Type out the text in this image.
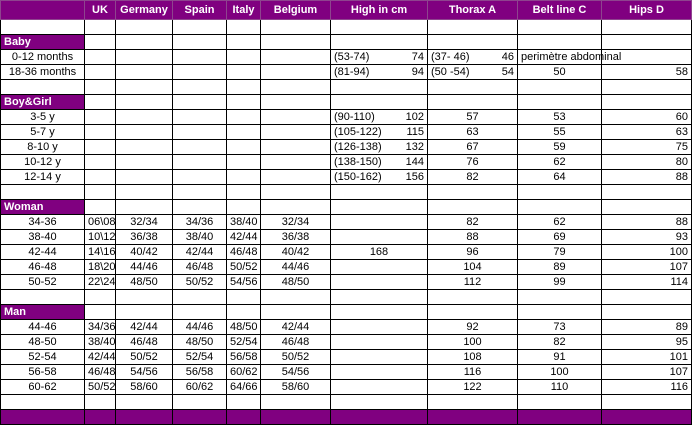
	UK	Germany	Spain	Italy	Belgium	High in cm	Thorax A	Belt line C	Hips D

Baby									
0-12 months						(53-74) 74	(37- 46) 46	perimètre abdominal	
18-36 months						(81-94) 94	(50 -54) 54	50	58

Boy&Girl									
3-5 y						(90-110) 102	57	53	60
5-7 y						(105-122) 115	63	55	63
8-10 y						(126-138) 132	67	59	75
10-12 y						(138-150) 144	76	62	80
12-14 y						(150-162) 156	82	64	88

Woman									
34-36	06\08	32/34	34/36	38/40	32/34		82	62	88
38-40	10\12	36/38	38/40	42/44	36/38		88	69	93
42-44	14\16	40/42	42/44	46/48	40/42	168	96	79	100
46-48	18\20	44/46	46/48	50/52	44/46		104	89	107
50-52	22\24	48/50	50/52	54/56	48/50		112	99	114

Man									
44-46	34/36	42/44	44/46	48/50	42/44		92	73	89
48-50	38/40	46/48	48/50	52/54	46/48		100	82	95
52-54	42/44	50/52	52/54	56/58	50/52		108	91	101
56-58	46/48	54/56	56/58	60/62	54/56		116	100	107
60-62	50/52	58/60	60/62	64/66	58/60		122	110	116
